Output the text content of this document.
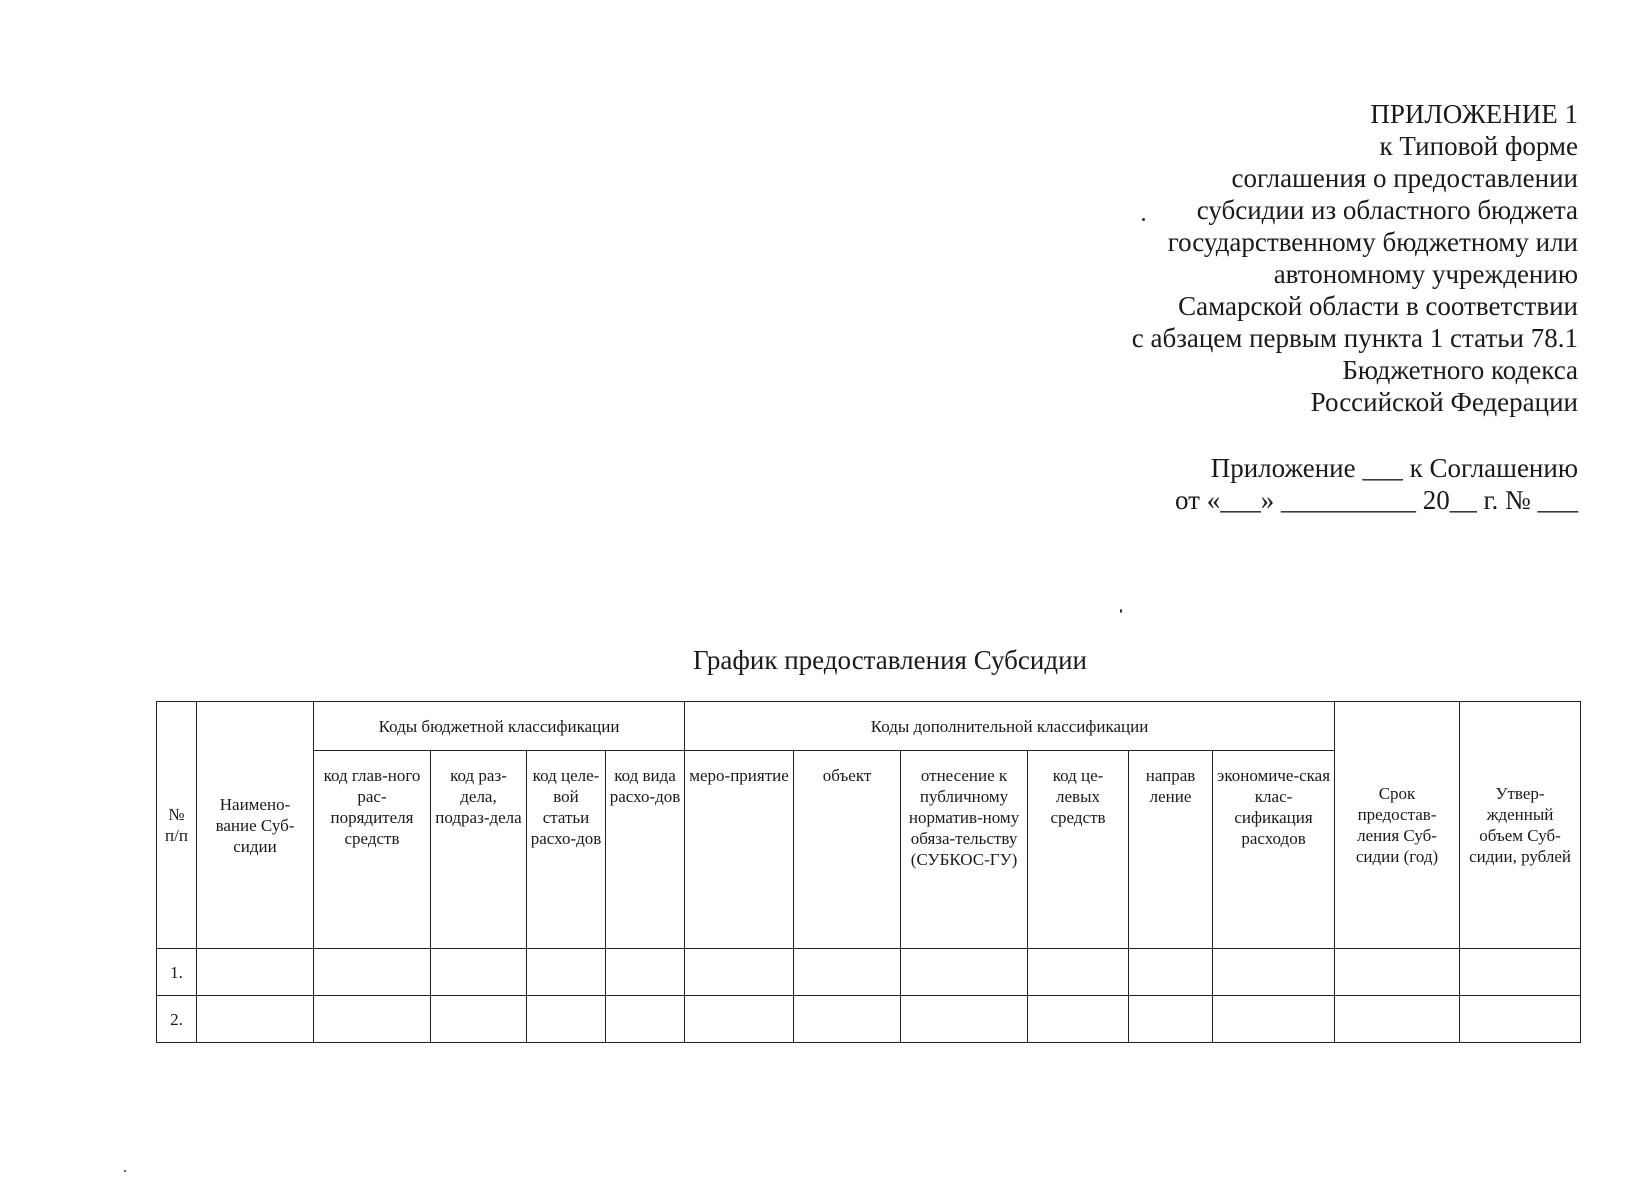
ПРИЛОЖЕНИЕ 1
к Типовой форме
соглашения о предоставлении
субсидии из областного бюджета
государственному бюджетному или
автономному учреждению
Самарской области в соответствии
с абзацем первым пункта 1 статьи 78.1
Бюджетного кодекса
Российской Федерации
Приложение ___ к Соглашению
от «___» __________ 20__ г. № ___
График предоставления Субсидии
№ п/п	Наимено-вание Суб-сидии	Коды бюджетной классификации				Коды дополнительной классификации						Срок предостав-ления Суб-сидии (год)	Утвер-жденный объем Суб-сидии, рублей
		код глав-ного рас-порядителя средств	код раз-дела, подраз-дела	код целе-вой статьи расхо-дов	код вида расхо-дов	меро-приятие	объект	отнесение к публичному норматив-ному обяза-тельству (СУБКОС-ГУ)	код це-левых средств	направ ление	экономиче-ская клас-сификация расходов		
1.													
2.													
